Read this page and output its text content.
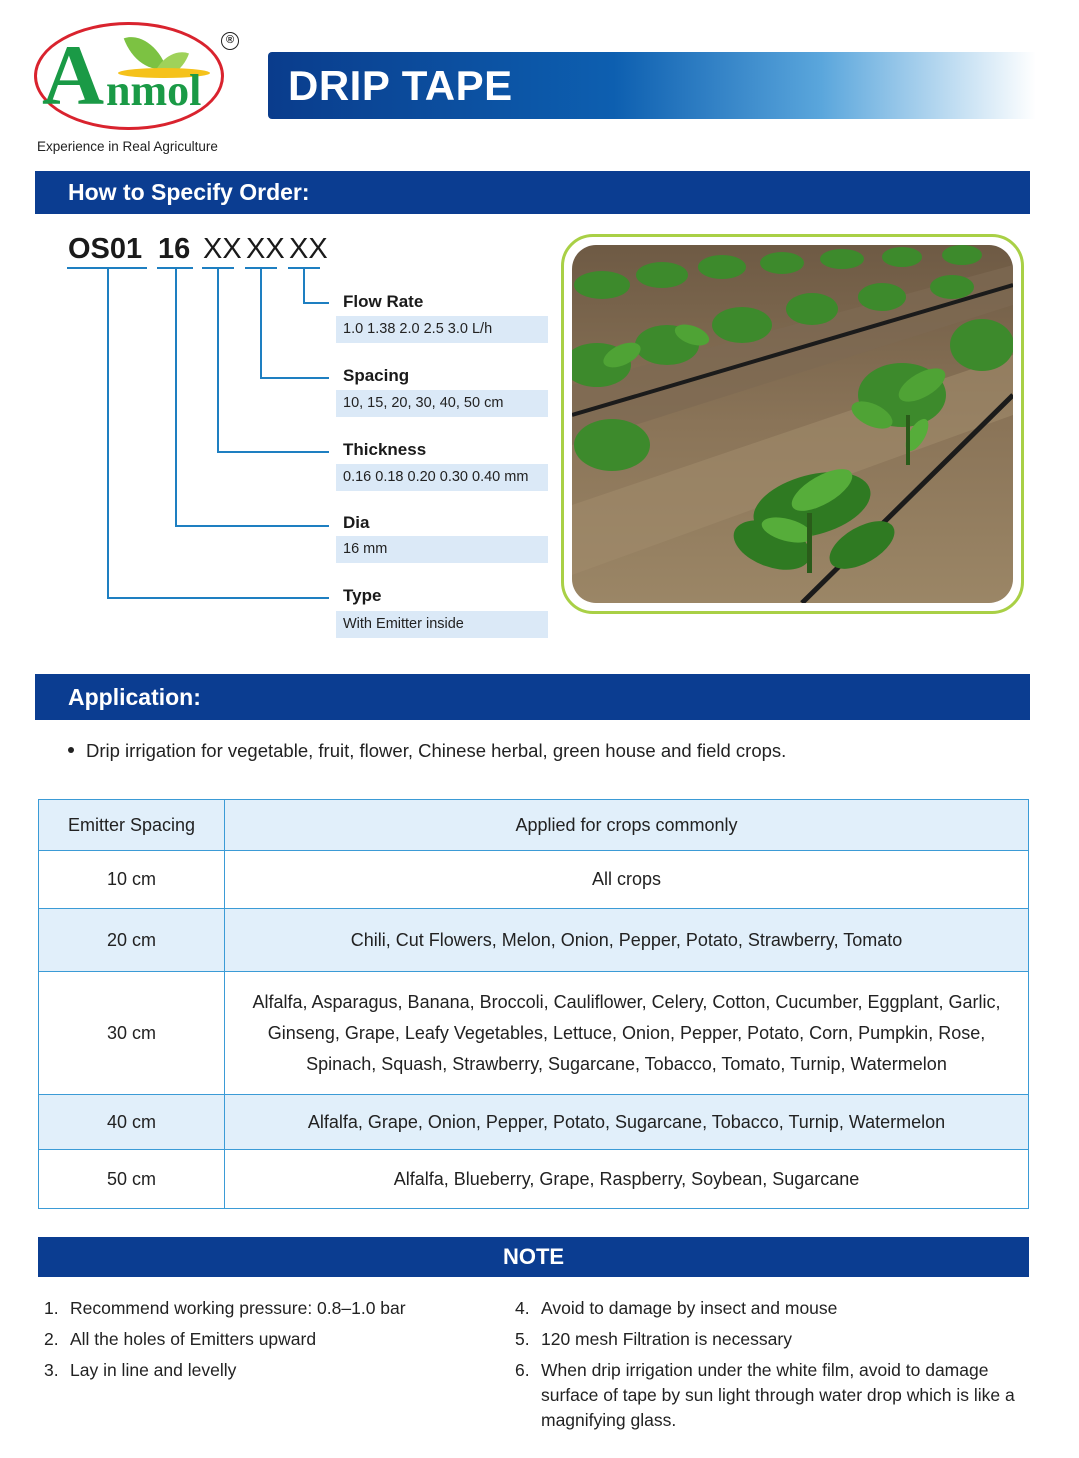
A nmol
®
Experience in Real Agriculture
DRIP TAPE
How to Specify Order:
OS01 16 XX XX XX
Flow Rate
1.0 1.38 2.0 2.5 3.0 L/h
Spacing
10, 15, 20, 30, 40, 50 cm
Thickness
0.16 0.18 0.20 0.30 0.40 mm
Dia
16 mm
Type
With Emitter inside
Application:
Drip irrigation for vegetable, fruit, flower, Chinese herbal, green house and field crops.
Emitter Spacing	Applied for crops commonly
10 cm	All crops
20 cm	Chili, Cut Flowers, Melon, Onion, Pepper, Potato, Strawberry, Tomato
30 cm	Alfalfa, Asparagus, Banana, Broccoli, Cauliflower, Celery, Cotton, Cucumber, Eggplant, Garlic, Ginseng, Grape, Leafy Vegetables, Lettuce, Onion, Pepper, Potato, Corn, Pumpkin, Rose, Spinach, Squash, Strawberry, Sugarcane, Tobacco, Tomato, Turnip, Watermelon
40 cm	Alfalfa, Grape, Onion, Pepper, Potato, Sugarcane, Tobacco, Turnip, Watermelon
50 cm	Alfalfa, Blueberry, Grape, Raspberry, Soybean, Sugarcane
NOTE
1. Recommend working pressure: 0.8–1.0 bar
2. All the holes of Emitters upward
3. Lay in line and levelly
4. Avoid to damage by insect and mouse
5. 120 mesh Filtration is necessary
6. When drip irrigation under the white film, avoid to damage surface of tape by sun light through water drop which is like a magnifying glass.
